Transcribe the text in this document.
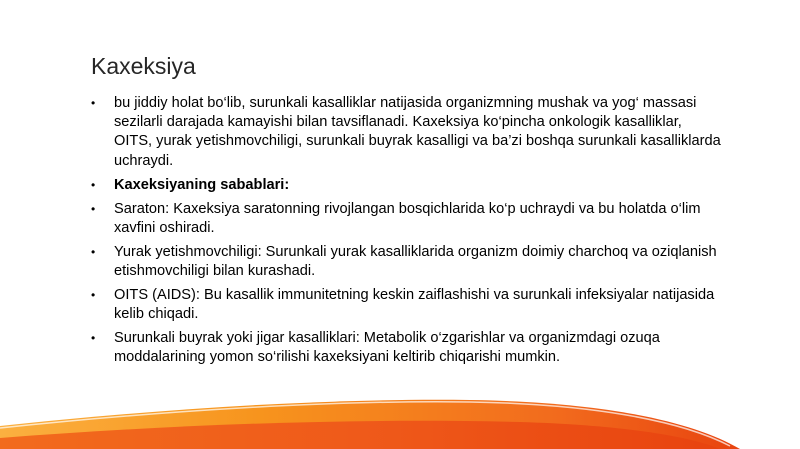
Kaxeksiya
• bu jiddiy holat bo‘lib, surunkali kasalliklar natijasida organizmning mushak va yog‘ massasi sezilarli darajada kamayishi bilan tavsiflanadi. Kaxeksiya ko‘pincha onkologik kasalliklar, OITS, yurak yetishmovchiligi, surunkali buyrak kasalligi va ba’zi boshqa surunkali kasalliklarda uchraydi.
• Kaxeksiyaning sabablari:
• Saraton: Kaxeksiya saratonning rivojlangan bosqichlarida ko‘p uchraydi va bu holatda o‘lim xavfini oshiradi.
• Yurak yetishmovchiligi: Surunkali yurak kasalliklarida organizm doimiy charchoq va oziqlanish etishmovchiligi bilan kurashadi.
• OITS (AIDS): Bu kasallik immunitetning keskin zaiflashishi va surunkali infeksiyalar natijasida kelib chiqadi.
• Surunkali buyrak yoki jigar kasalliklari: Metabolik o‘zgarishlar va organizmdagi ozuqa moddalarining yomon so‘rilishi kaxeksiyani keltirib chiqarishi mumkin.
